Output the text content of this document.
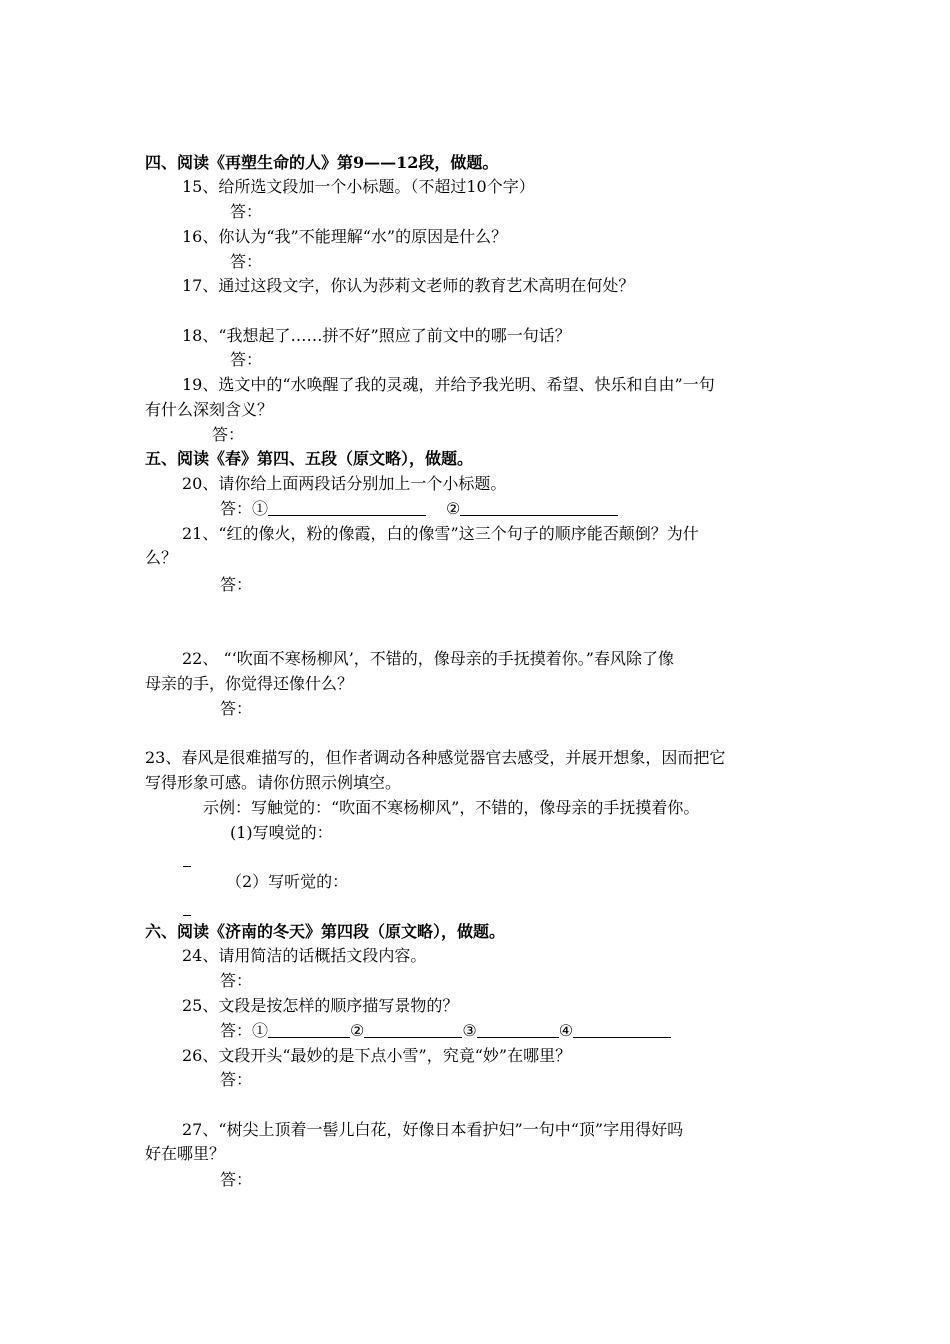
四、阅读《再塑生命的人》第9——12段，做题。
15、给所选文段加一个小标题。（不超过10个字）
答：
16、你认为“我”不能理解“水”的原因是什么？
答：
17、通过这段文字，你认为莎莉文老师的教育艺术高明在何处？
18、“我想起了……拼不好”照应了前文中的哪一句话？
答：
19、选文中的“水唤醒了我的灵魂，并给予我光明、希望、快乐和自由”一句
有什么深刻含义？
答：
五、阅读《春》第四、五段（原文略），做题。
20、请你给上面两段话分别加上一个小标题。
答：①	②
21、“红的像火，粉的像霞，白的像雪”这三个句子的顺序能否颠倒？为什
么？
答：
22、 “‘吹面不寒杨柳风’，不错的，像母亲的手抚摸着你。”春风除了像
母亲的手，你觉得还像什么？
答：
23、春风是很难描写的，但作者调动各种感觉器官去感受，并展开想象，因而把它
写得形象可感。请你仿照示例填空。
示例：写触觉的：“吹面不寒杨柳风”，不错的，像母亲的手抚摸着你。
(1)写嗅觉的：
（2）写听觉的：
六、阅读《济南的冬天》第四段（原文略），做题。
24、请用简洁的话概括文段内容。
答：
25、文段是按怎样的顺序描写景物的？
答：①	②	③	④
26、文段开头“最妙的是下点小雪”，究竟“妙”在哪里？
答：
27、“树尖上顶着一髻儿白花，好像日本看护妇”一句中“顶”字用得好吗
好在哪里？
答：
